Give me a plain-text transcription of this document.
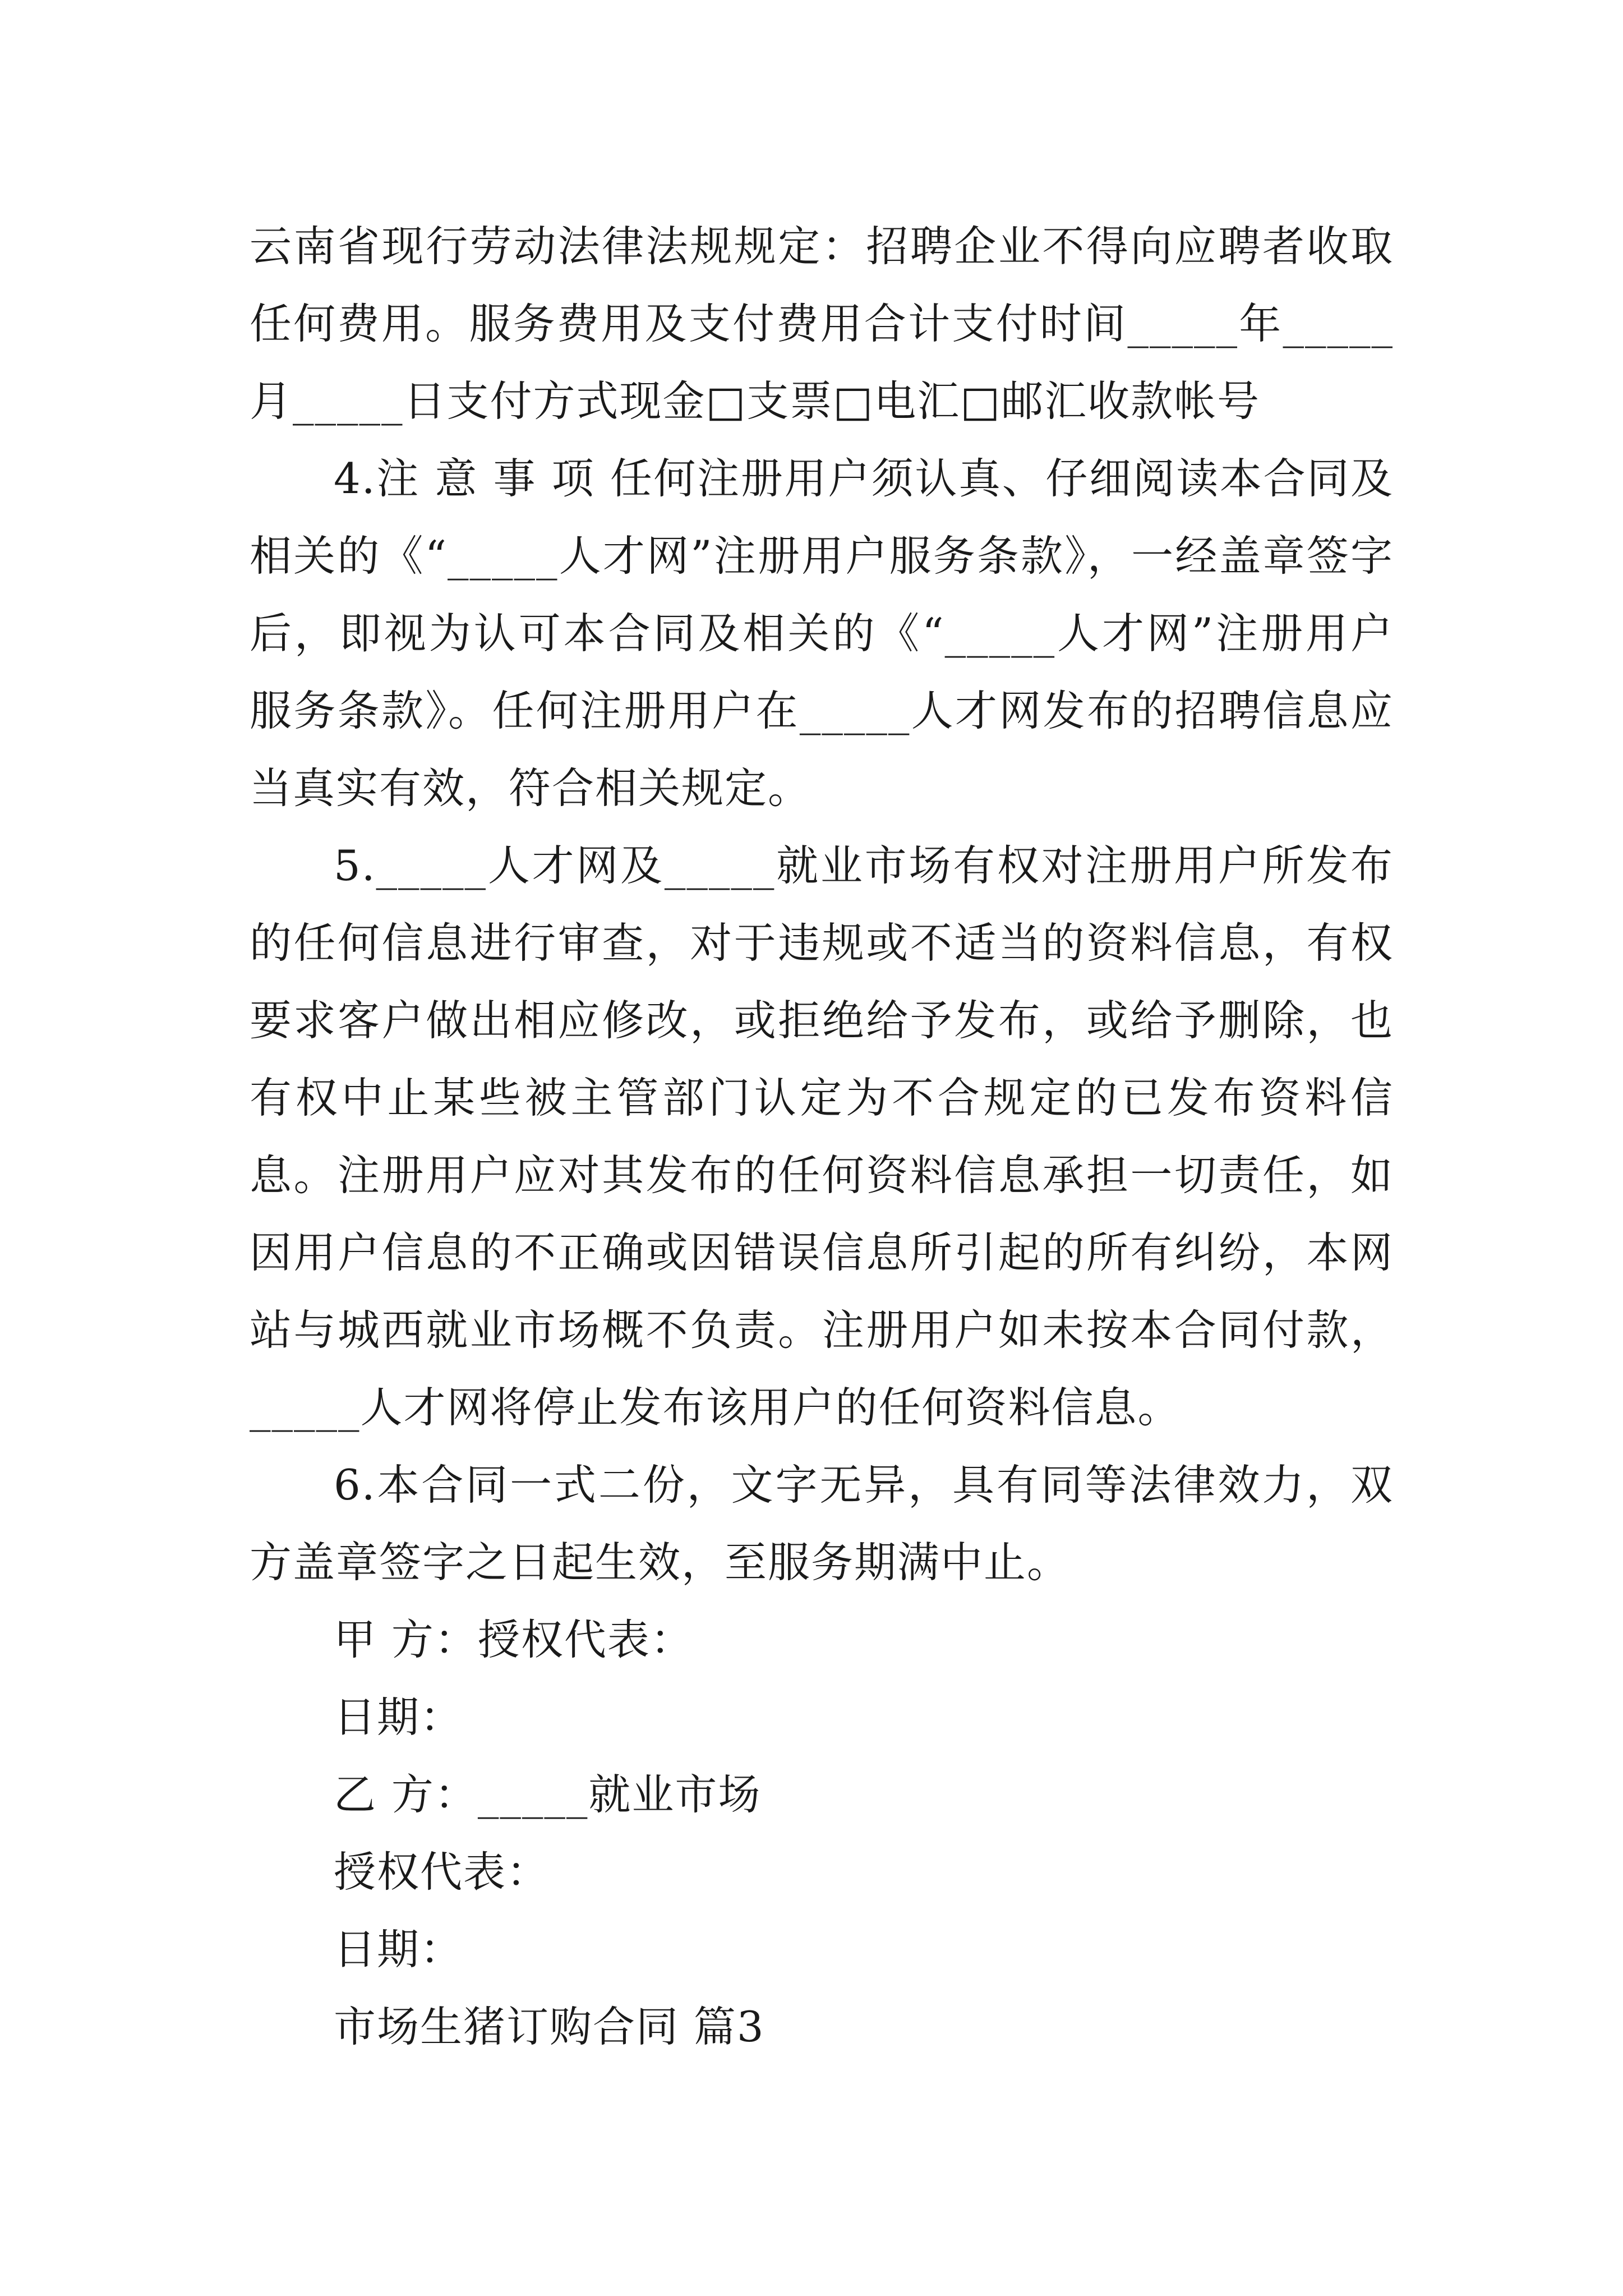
云南省现行劳动法律法规规定：招聘企业不得向应聘者收取任何费用。服务费用及支付费用合计支付时间_____年_____月_____日支付方式现金□支票□电汇□邮汇收款帐号

4.注 意 事 项 任何注册用户须认真、仔细阅读本合同及相关的《“_____人才网”注册用户服务条款》，一经盖章签字后，即视为认可本合同及相关的《“_____人才网”注册用户服务条款》。任何注册用户在_____人才网发布的招聘信息应当真实有效，符合相关规定。

5._____人才网及_____就业市场有权对注册用户所发布的任何信息进行审查，对于违规或不适当的资料信息，有权要求客户做出相应修改，或拒绝给予发布，或给予删除，也有权中止某些被主管部门认定为不合规定的已发布资料信息。注册用户应对其发布的任何资料信息承担一切责任，如因用户信息的不正确或因错误信息所引起的所有纠纷，本网站与城西就业市场概不负责。注册用户如未按本合同付款，_____人才网将停止发布该用户的任何资料信息。

6.本合同一式二份，文字无异，具有同等法律效力，双方盖章签字之日起生效，至服务期满中止。

甲 方：授权代表：

日期：

乙 方：_____就业市场

授权代表：

日期：

市场生猪订购合同 篇3
